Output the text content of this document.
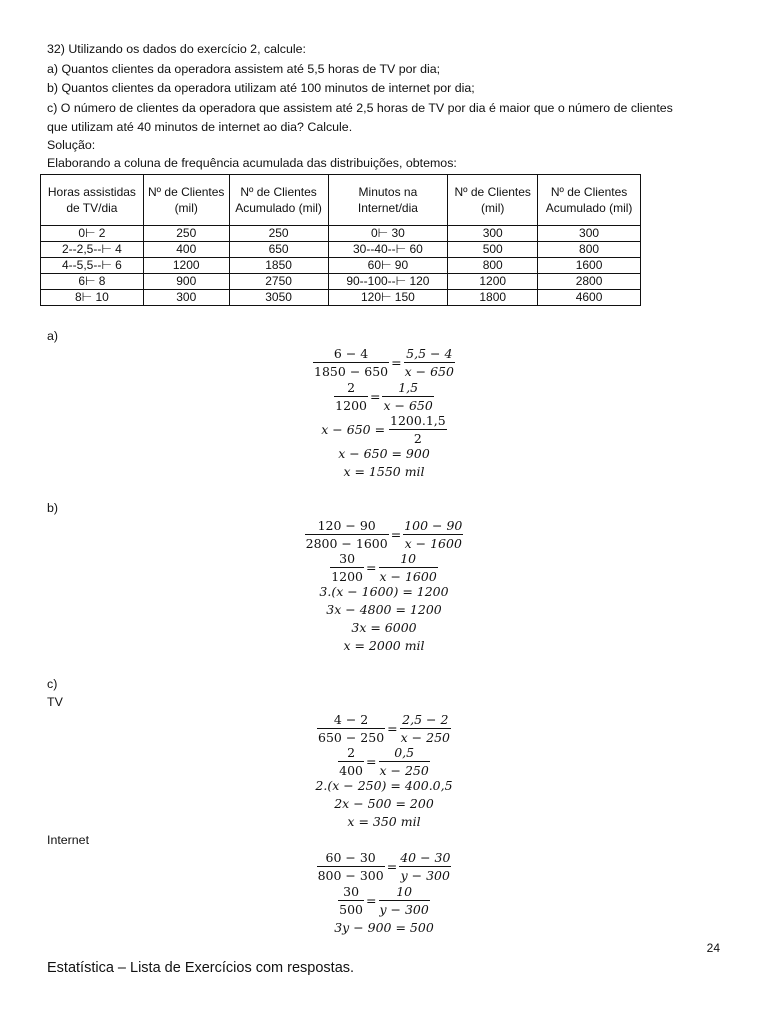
32) Utilizando os dados do exercício 2, calcule:
a) Quantos clientes da operadora assistem até 5,5 horas de TV por dia;
b) Quantos clientes da operadora utilizam até 100 minutos de internet por dia;
c) O número de clientes da operadora que assistem até 2,5 horas de TV por dia é maior que o número de clientes
que utilizam até 40 minutos de internet ao dia? Calcule.
Solução:
Elaborando a coluna de frequência acumulada das distribuições, obtemos:
Horas assistidas de TV/dia	Nº de Clientes (mil)	Nº de Clientes Acumulado (mil)	Minutos na Internet/dia	Nº de Clientes (mil)	Nº de Clientes Acumulado (mil)
0⊢ 2	250	250	0⊢ 30	300	300
2--2,5--⊢ 4	400	650	30--40--⊢ 60	500	800
4--5,5--⊢ 6	1200	1850	60⊢ 90	800	1600
6⊢ 8	900	2750	90--100--⊢ 120	1200	2800
8⊢ 10	300	3050	120⊢ 150	1800	4600
a)
$\frac{6 - 4}{1850 - 650} = \frac{5,5 - 4}{x - 650}$
$\frac{2}{1200} = \frac{1,5}{x - 650}$
$x - 650 = \frac{1200.1,5}{2}$
x − 650 = 900
x = 1550 mil
b)
$\frac{120 - 90}{2800 - 1600} = \frac{100 - 90}{x - 1600}$
$\frac{30}{1200} = \frac{10}{x - 1600}$
3.(x − 1600) = 1200
3x − 4800 = 1200
3x = 6000
x = 2000 mil
c)
TV
$\frac{4 - 2}{650 - 250} = \frac{2,5 - 2}{x - 250}$
$\frac{2}{400} = \frac{0,5}{x - 250}$
2.(x − 250) = 400.0,5
2x − 500 = 200
x = 350 mil
Internet
$\frac{60 - 30}{800 - 300} = \frac{40 - 30}{y - 300}$
$\frac{30}{500} = \frac{10}{y - 300}$
3y − 900 = 500
24
Estatística – Lista de Exercícios com respostas.
